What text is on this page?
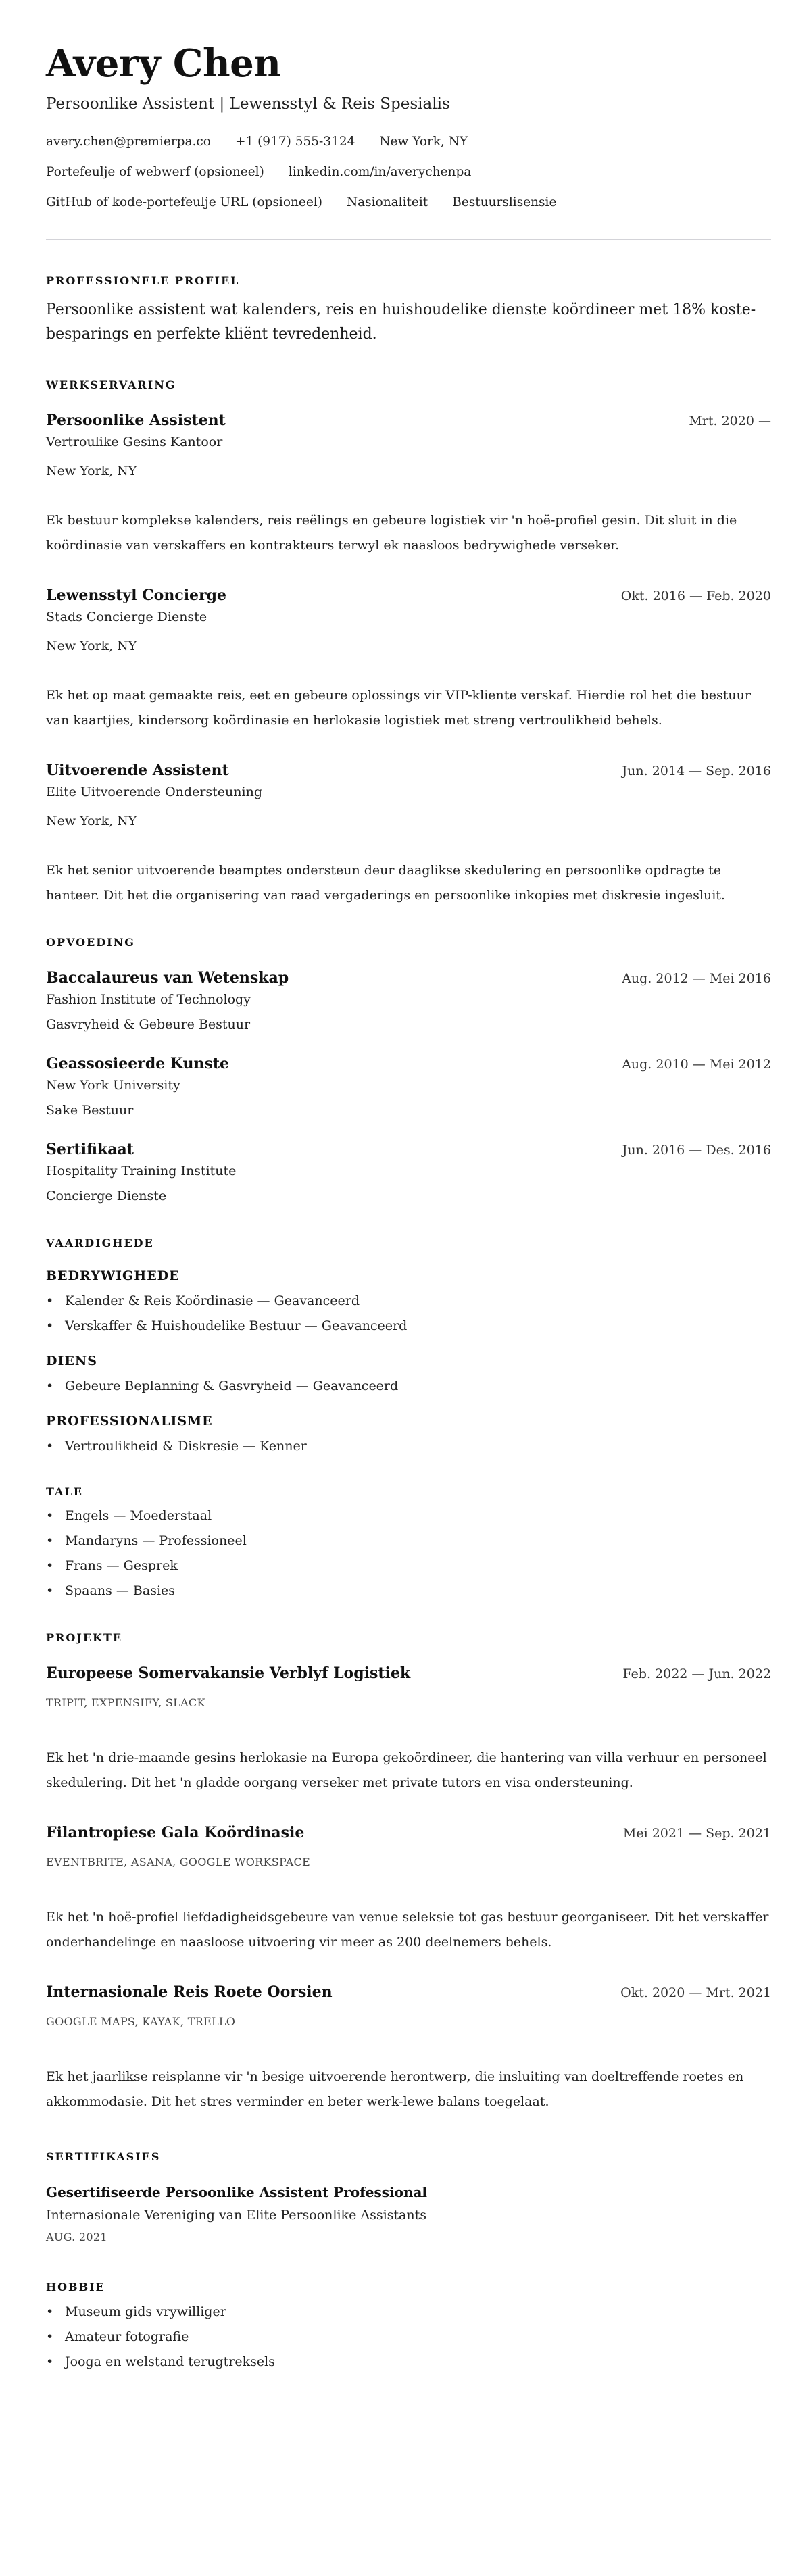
Avery Chen
Persoonlike Assistent | Lewensstyl & Reis Spesialis
avery.chen@premierpa.co +1 (917) 555-3124 New York, NY
Portefeulje of webwerf (opsioneel) linkedin.com/in/averychenpa
GitHub of kode-portefeulje URL (opsioneel) Nasionaliteit Bestuurslisensie
PROFESSIONELE PROFIEL
Persoonlike assistent wat kalenders, reis en huishoudelike dienste koördineer met 18% koste-besparings en perfekte kliënt tevredenheid.
WERKSERVARING
Persoonlike Assistent	Mrt. 2020 —
Vertroulike Gesins Kantoor
New York, NY
Ek bestuur komplekse kalenders, reis reëlings en gebeure logistiek vir 'n hoë-profiel gesin. Dit sluit in die koördinasie van verskaffers en kontrakteurs terwyl ek naasloos bedrywighede verseker.
Lewensstyl Concierge	Okt. 2016 — Feb. 2020
Stads Concierge Dienste
New York, NY
Ek het op maat gemaakte reis, eet en gebeure oplossings vir VIP-kliente verskaf. Hierdie rol het die bestuur van kaartjies, kindersorg koördinasie en herlokasie logistiek met streng vertroulikheid behels.
Uitvoerende Assistent	Jun. 2014 — Sep. 2016
Elite Uitvoerende Ondersteuning
New York, NY
Ek het senior uitvoerende beamptes ondersteun deur daaglikse skedulering en persoonlike opdragte te hanteer. Dit het die organisering van raad vergaderings en persoonlike inkopies met diskresie ingesluit.
OPVOEDING
Baccalaureus van Wetenskap	Aug. 2012 — Mei 2016
Fashion Institute of Technology
Gasvryheid & Gebeure Bestuur
Geassosieerde Kunste	Aug. 2010 — Mei 2012
New York University
Sake Bestuur
Sertifikaat	Jun. 2016 — Des. 2016
Hospitality Training Institute
Concierge Dienste
VAARDIGHEDE
BEDRYWIGHEDE
• Kalender & Reis Koördinasie — Geavanceerd
• Verskaffer & Huishoudelike Bestuur — Geavanceerd
DIENS
• Gebeure Beplanning & Gasvryheid — Geavanceerd
PROFESSIONALISME
• Vertroulikheid & Diskresie — Kenner
TALE
• Engels — Moederstaal
• Mandaryns — Professioneel
• Frans — Gesprek
• Spaans — Basies
PROJEKTE
Europeese Somervakansie Verblyf Logistiek	Feb. 2022 — Jun. 2022
TRIPIT, EXPENSIFY, SLACK
Ek het 'n drie-maande gesins herlokasie na Europa gekoördineer, die hantering van villa verhuur en personeel skedulering. Dit het 'n gladde oorgang verseker met private tutors en visa ondersteuning.
Filantropiese Gala Koördinasie	Mei 2021 — Sep. 2021
EVENTBRITE, ASANA, GOOGLE WORKSPACE
Ek het 'n hoë-profiel liefdadigheidsgebeure van venue seleksie tot gas bestuur georganiseer. Dit het verskaffer onderhandelinge en naasloose uitvoering vir meer as 200 deelnemers behels.
Internasionale Reis Roete Oorsien	Okt. 2020 — Mrt. 2021
GOOGLE MAPS, KAYAK, TRELLO
Ek het jaarlikse reisplanne vir 'n besige uitvoerende herontwerp, die insluiting van doeltreffende roetes en akkommodasie. Dit het stres verminder en beter werk-lewe balans toegelaat.
SERTIFIKASIES
Gesertifiseerde Persoonlike Assistent Professional
Internasionale Vereniging van Elite Persoonlike Assistants
AUG. 2021
HOBBIE
• Museum gids vrywilliger
• Amateur fotografie
• Jooga en welstand terugtreksels
